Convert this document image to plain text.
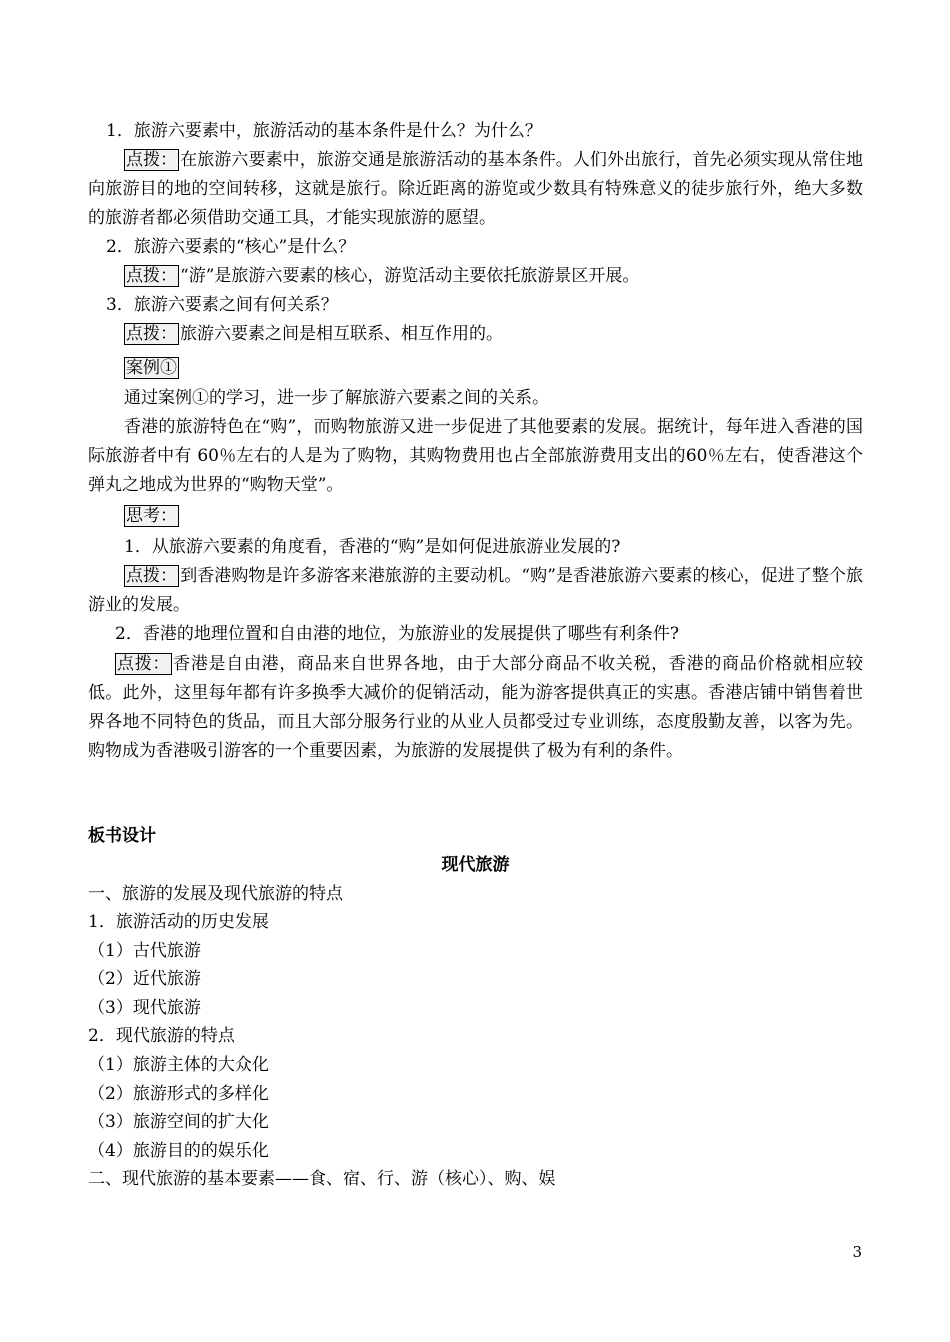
1．旅游六要素中，旅游活动的基本条件是什么？为什么？

点拨： 在旅游六要素中，旅游交通是旅游活动的基本条件。人们外出旅行，首先必须实现从常住地向旅游目的地的空间转移，这就是旅行。除近距离的游览或少数具有特殊意义的徒步旅行外，绝大多数的旅游者都必须借助交通工具，才能实现旅游的愿望。

2．旅游六要素的“核心”是什么？

点拨： “游”是旅游六要素的核心，游览活动主要依托旅游景区开展。

3．旅游六要素之间有何关系？

点拨： 旅游六要素之间是相互联系、相互作用的。

案例①

通过案例①的学习，进一步了解旅游六要素之间的关系。

香港的旅游特色在“购”，而购物旅游又进一步促进了其他要素的发展。据统计，每年进入香港的国际旅游者中有 60％左右的人是为了购物，其购物费用也占全部旅游费用支出的60％左右，使香港这个弹丸之地成为世界的“购物天堂”。

思考：

1．从旅游六要素的角度看，香港的“购”是如何促进旅游业发展的?

点拨： 到香港购物是许多游客来港旅游的主要动机。“购”是香港旅游六要素的核心，促进了整个旅游业的发展。

2．香港的地理位置和自由港的地位，为旅游业的发展提供了哪些有利条件?

点拨： 香港是自由港，商品来自世界各地，由于大部分商品不收关税，香港的商品价格就相应较低。此外，这里每年都有许多换季大减价的促销活动，能为游客提供真正的实惠。香港店铺中销售着世界各地不同特色的货品，而且大部分服务行业的从业人员都受过专业训练，态度殷勤友善，以客为先。购物成为香港吸引游客的一个重要因素，为旅游的发展提供了极为有利的条件。

板书设计

现代旅游

一、旅游的发展及现代旅游的特点

1．旅游活动的历史发展

（1）古代旅游

（2）近代旅游

（3）现代旅游

2．现代旅游的特点

（1）旅游主体的大众化

（2）旅游形式的多样化

（3）旅游空间的扩大化

（4）旅游目的的娱乐化

二、现代旅游的基本要素——食、宿、行、游（核心）、购、娱

3
